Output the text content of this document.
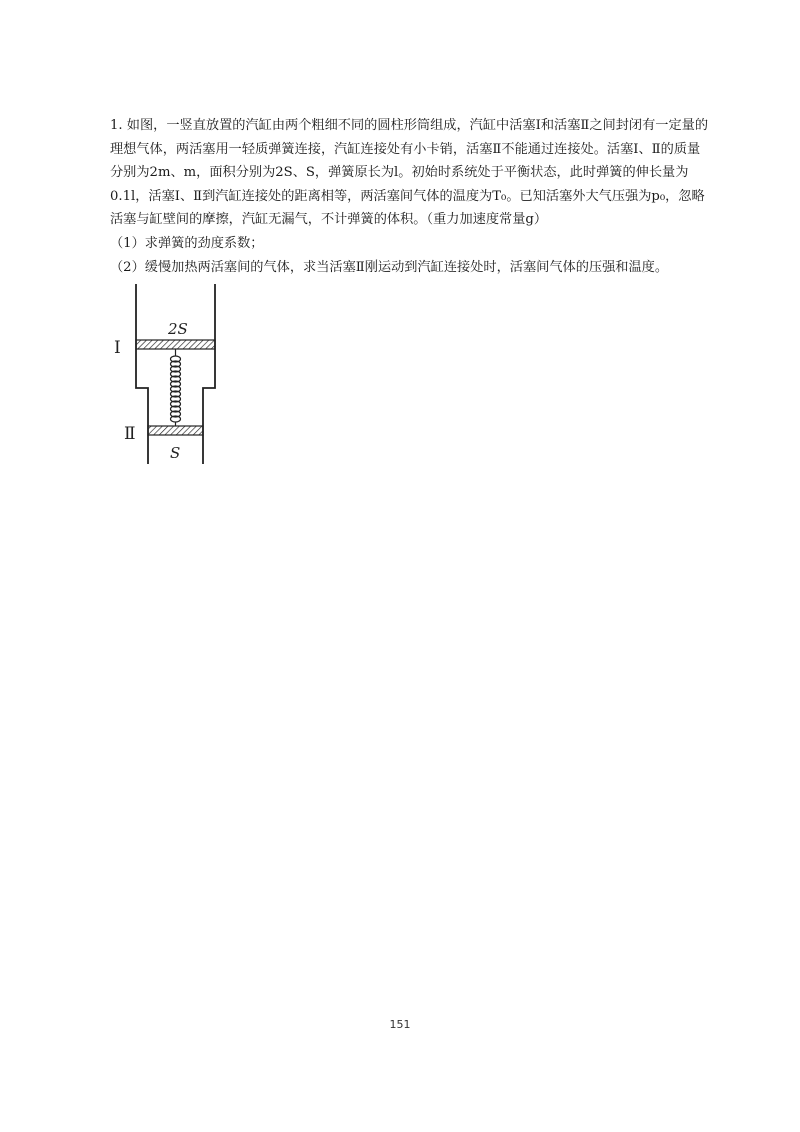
1. 如图，一竖直放置的汽缸由两个粗细不同的圆柱形筒组成，汽缸中活塞Ⅰ和活塞Ⅱ之间封闭有一定量的理想气体，两活塞用一轻质弹簧连接，汽缸连接处有小卡销，活塞Ⅱ不能通过连接处。活塞Ⅰ、Ⅱ的质量分别为2m、m，面积分别为2S、S，弹簧原长为l。初始时系统处于平衡状态，此时弹簧的伸长量为0.1l，活塞Ⅰ、Ⅱ到汽缸连接处的距离相等，两活塞间气体的温度为T₀。已知活塞外大气压强为p₀，忽略活塞与缸壁间的摩擦，汽缸无漏气，不计弹簧的体积。（重力加速度常量g）

（1）求弹簧的劲度系数；

（2）缓慢加热两活塞间的气体，求当活塞Ⅱ刚运动到汽缸连接处时，活塞间气体的压强和温度。

2S
Ⅰ
Ⅱ
S
151
